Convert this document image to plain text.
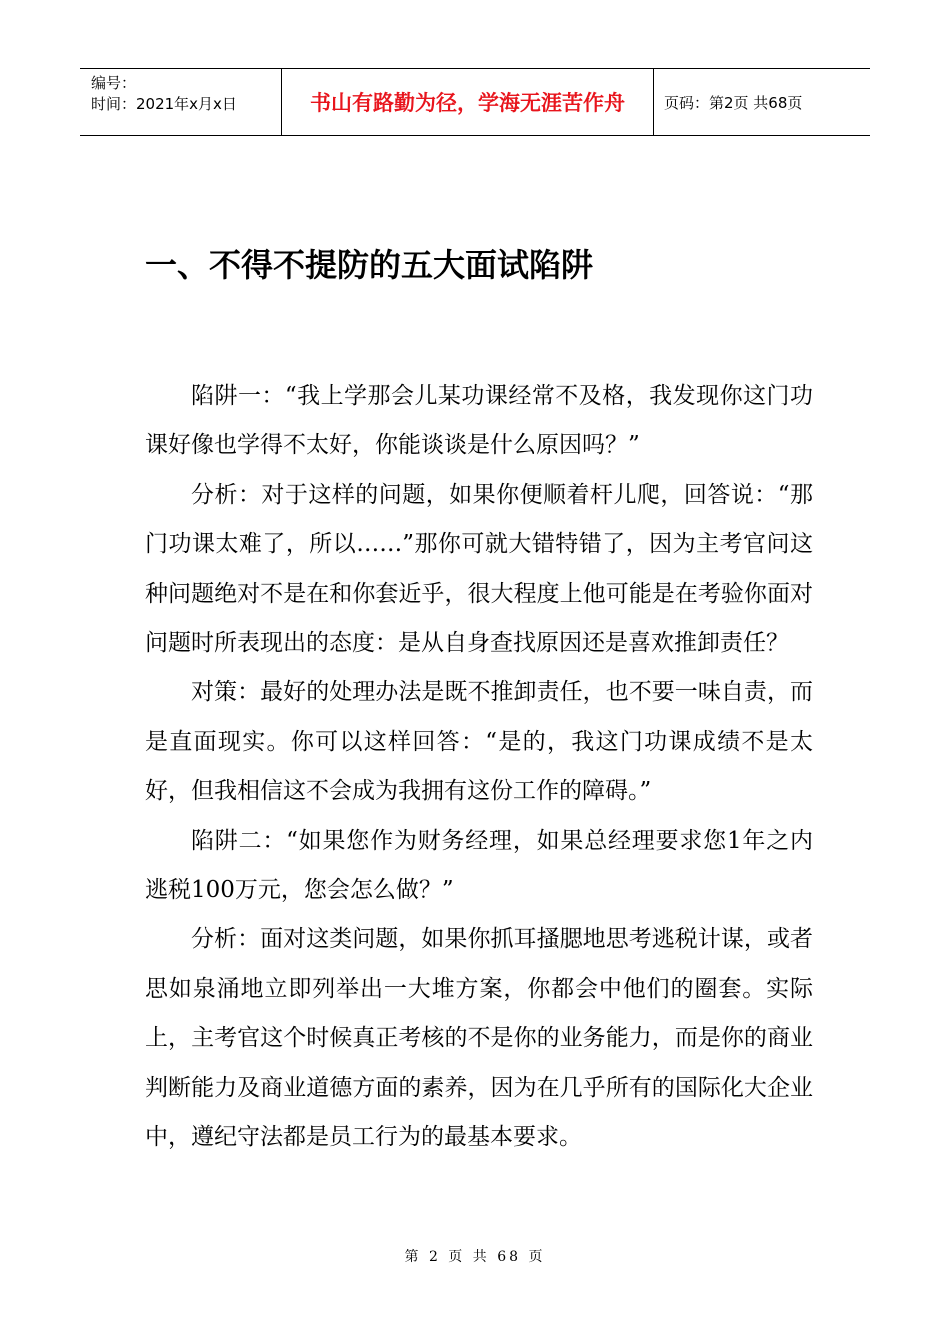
编号：
时间：2021年x月x日	书山有路勤为径，学海无涯苦作舟	页码：第2页 共68页
一、不得不提防的五大面试陷阱

陷阱一：“我上学那会儿某功课经常不及格，我发现你这门功课好像也学得不太好，你能谈谈是什么原因吗？”

分析：对于这样的问题，如果你便顺着杆儿爬，回答说：“那门功课太难了，所以……”那你可就大错特错了，因为主考官问这种问题绝对不是在和你套近乎，很大程度上他可能是在考验你面对问题时所表现出的态度：是从自身查找原因还是喜欢推卸责任？

对策：最好的处理办法是既不推卸责任，也不要一味自责，而是直面现实。你可以这样回答：“是的，我这门功课成绩不是太好，但我相信这不会成为我拥有这份工作的障碍。”

陷阱二：“如果您作为财务经理，如果总经理要求您1年之内逃税100万元，您会怎么做？”

分析：面对这类问题，如果你抓耳搔腮地思考逃税计谋，或者思如泉涌地立即列举出一大堆方案，你都会中他们的圈套。实际上，主考官这个时候真正考核的不是你的业务能力，而是你的商业判断能力及商业道德方面的素养，因为在几乎所有的国际化大企业中，遵纪守法都是员工行为的最基本要求。

第 2 页 共 68 页
